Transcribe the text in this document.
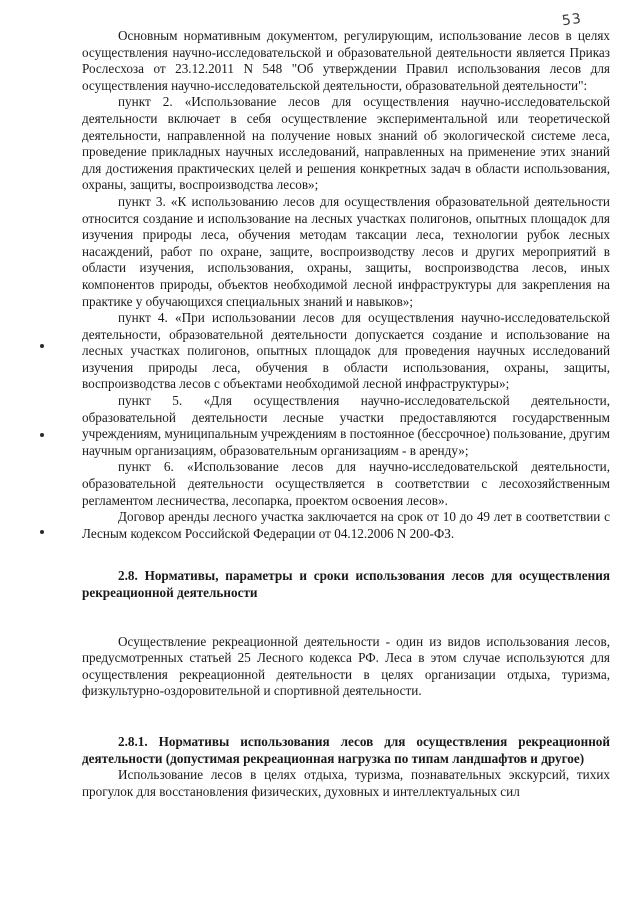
53

Основным нормативным документом, регулирующим, использование лесов в целях осуществления научно-исследовательской и образовательной деятельности является Приказ Рослесхоза от 23.12.2011 N 548 "Об утверждении Правил использования лесов для осуществления научно-исследовательской деятельности, образовательной деятельности":

пункт 2. «Использование лесов для осуществления научно-исследовательской деятельности включает в себя осуществление экспериментальной или теоретической деятельности, направленной на получение новых знаний об экологической системе леса, проведение прикладных научных исследований, направленных на применение этих знаний для достижения практических целей и решения конкретных задач в области использования, охраны, защиты, воспроизводства лесов»;

пункт 3. «К использованию лесов для осуществления образовательной деятельности относится создание и использование на лесных участках полигонов, опытных площадок для изучения природы леса, обучения методам таксации леса, технологии рубок лесных насаждений, работ по охране, защите, воспроизводству лесов и других мероприятий в области изучения, использования, охраны, защиты, воспроизводства лесов, иных компонентов природы, объектов необходимой лесной инфраструктуры для закрепления на практике у обучающихся специальных знаний и навыков»;

пункт 4. «При использовании лесов для осуществления научно-исследовательской деятельности, образовательной деятельности допускается создание и использование на лесных участках полигонов, опытных площадок для проведения научных исследований изучения природы леса, обучения в области использования, охраны, защиты, воспроизводства лесов с объектами необходимой лесной инфраструктуры»;

пункт 5. «Для осуществления научно-исследовательской деятельности, образовательной деятельности лесные участки предоставляются государственным учреждениям, муниципальным учреждениям в постоянное (бессрочное) пользование, другим научным организациям, образовательным организациям - в аренду»;

пункт 6. «Использование лесов для научно-исследовательской деятельности, образовательной деятельности осуществляется в соответствии с лесохозяйственным регламентом лесничества, лесопарка, проектом освоения лесов».

Договор аренды лесного участка заключается на срок от 10 до 49 лет в соответствии с Лесным кодексом Российской Федерации от 04.12.2006 N 200-ФЗ.

2.8. Нормативы, параметры и сроки использования лесов для осуществления рекреационной деятельности

Осуществление рекреационной деятельности - один из видов использования лесов, предусмотренных статьей 25 Лесного кодекса РФ. Леса в этом случае используются для осуществления рекреационной деятельности в целях организации отдыха, туризма, физкультурно-оздоровительной и спортивной деятельности.

2.8.1. Нормативы использования лесов для осуществления рекреационной деятельности (допустимая рекреационная нагрузка по типам ландшафтов и другое)

Использование лесов в целях отдыха, туризма, познавательных экскурсий, тихих прогулок для восстановления физических, духовных и интеллектуальных сил
